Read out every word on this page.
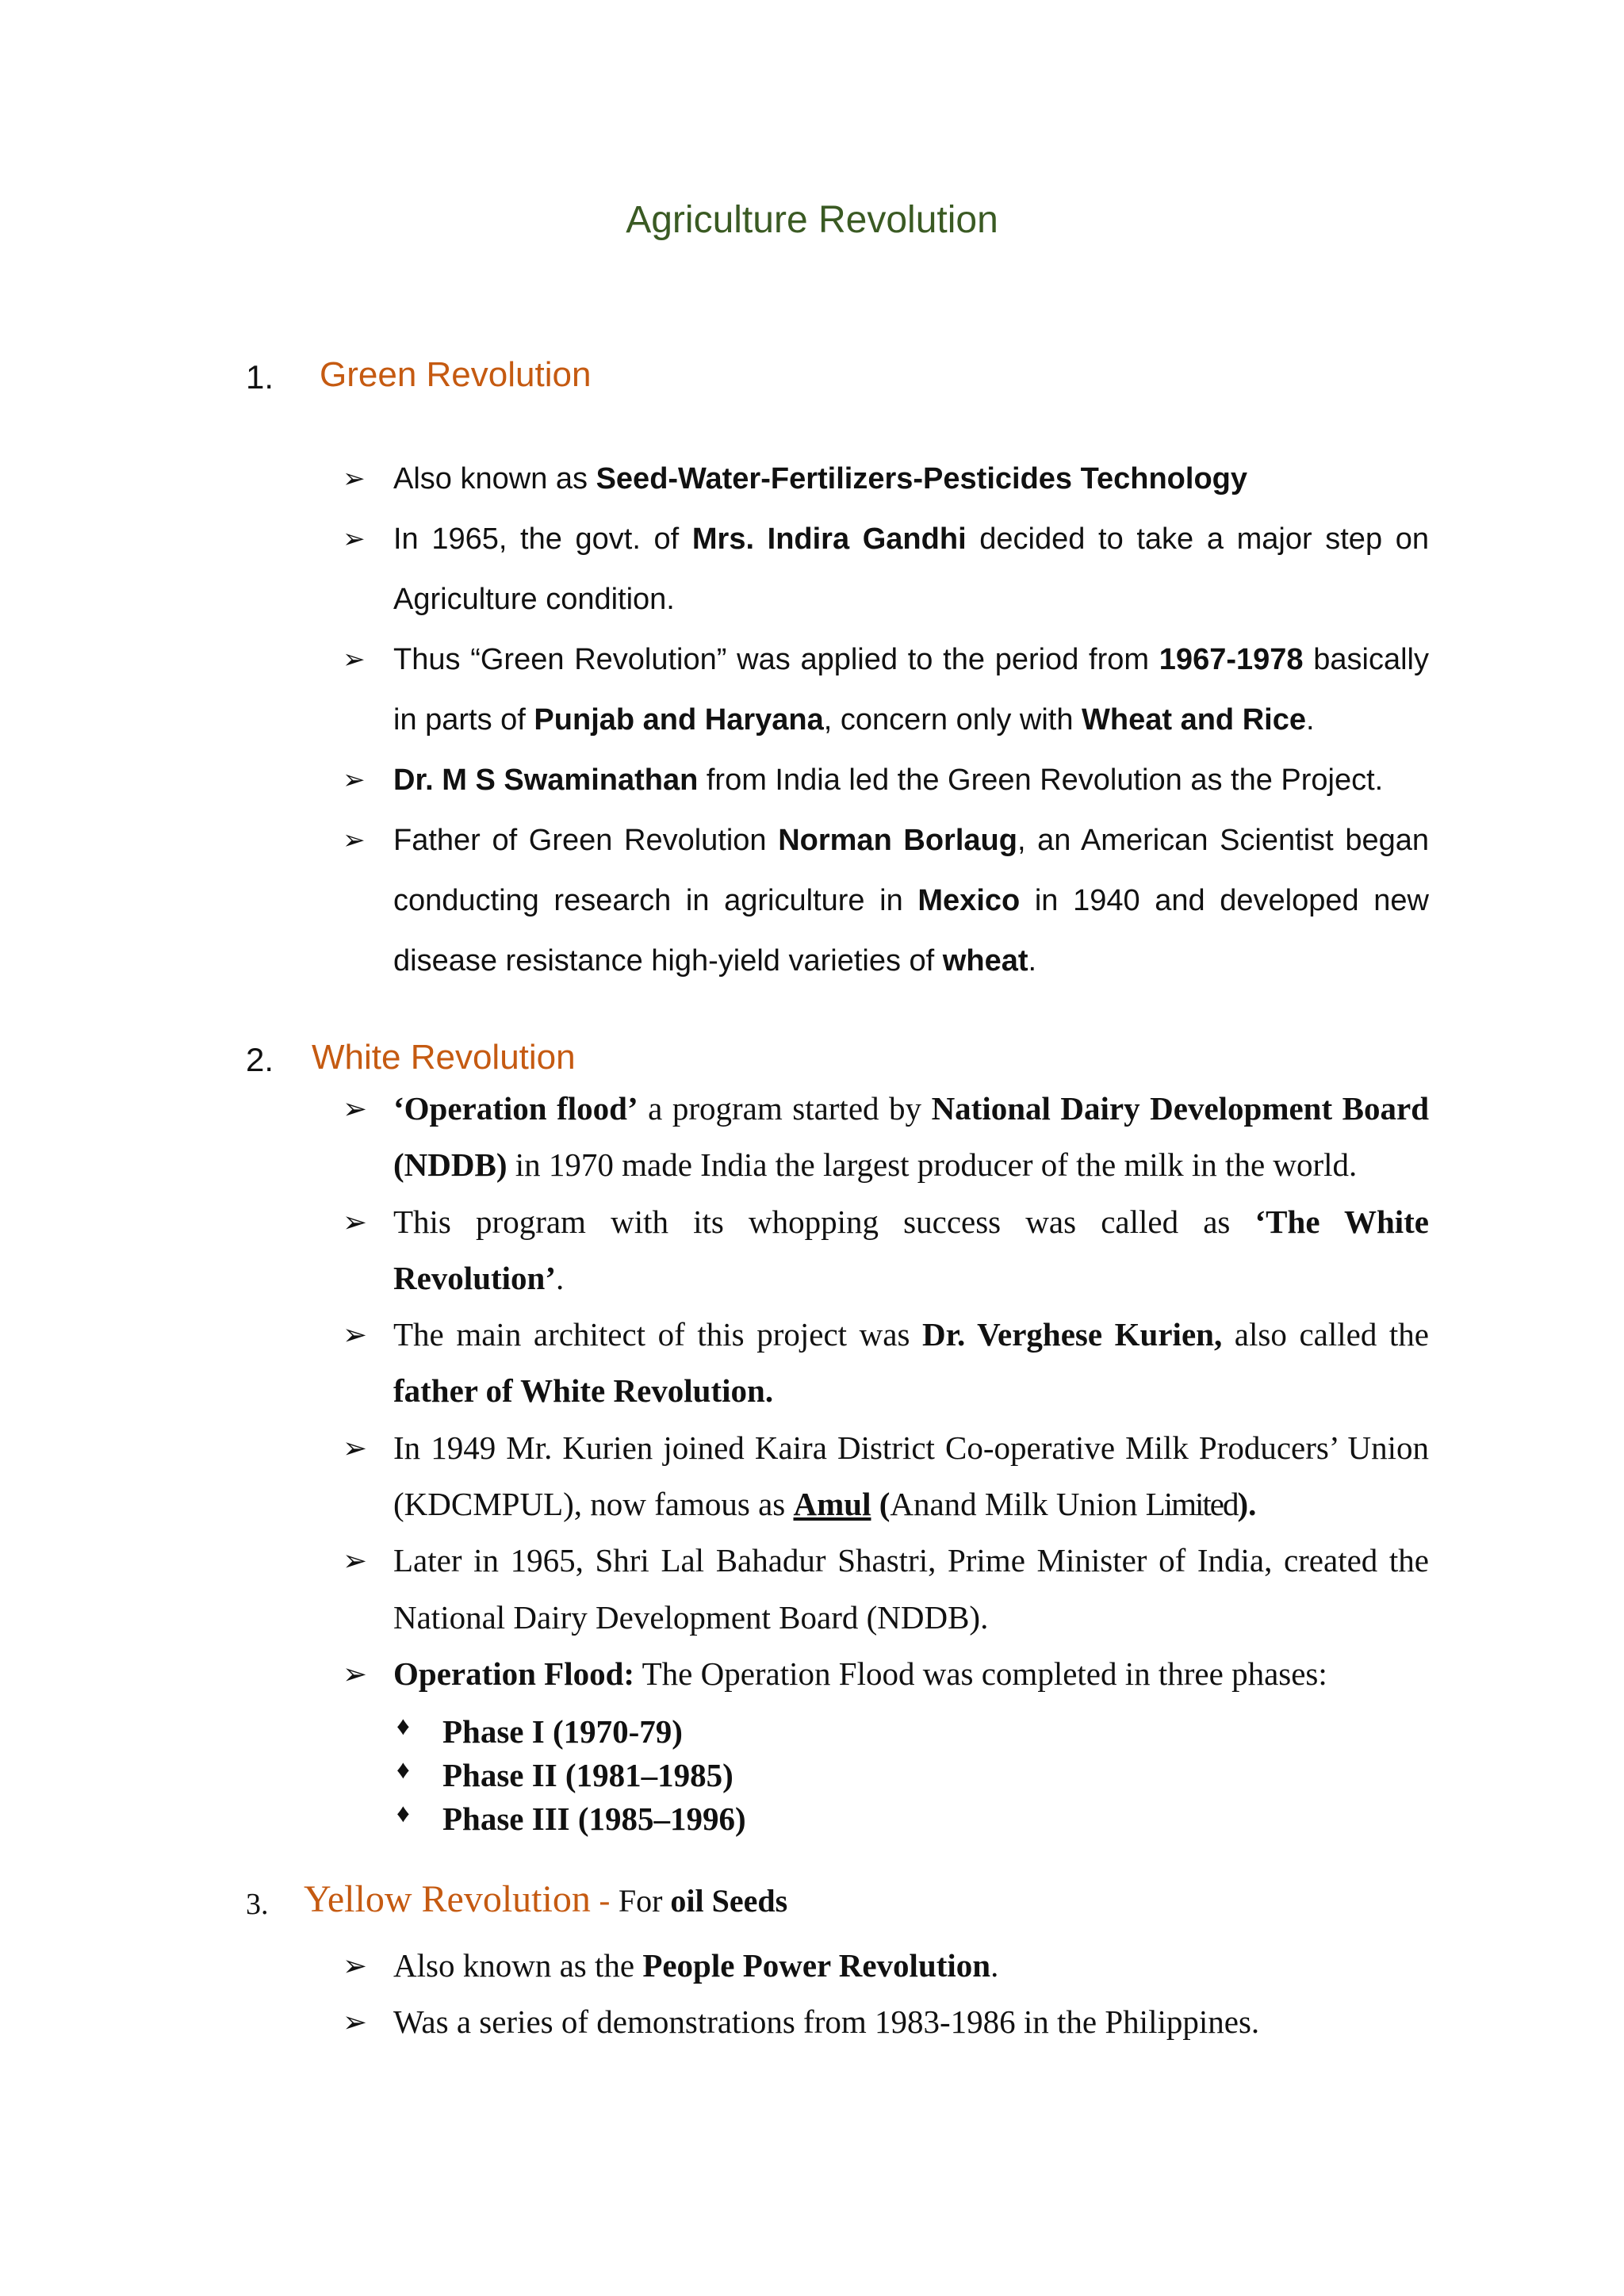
Agriculture Revolution
1. Green Revolution
➢ Also known as Seed-Water-Fertilizers-Pesticides Technology
➢ In 1965, the govt. of Mrs. Indira Gandhi decided to take a major step on Agriculture condition.
➢ Thus “Green Revolution” was applied to the period from 1967-1978 basically in parts of Punjab and Haryana, concern only with Wheat and Rice.
➢ Dr. M S Swaminathan from India led the Green Revolution as the Project.
➢ Father of Green Revolution Norman Borlaug, an American Scientist began conducting research in agriculture in Mexico in 1940 and developed new disease resistance high-yield varieties of wheat.
2. White Revolution
➢ ‘Operation flood’ a program started by National Dairy Development Board (NDDB) in 1970 made India the largest producer of the milk in the world.
➢ This program with its whopping success was called as ‘The White Revolution’.
➢ The main architect of this project was Dr. Verghese Kurien, also called the father of White Revolution.
➢ In 1949 Mr. Kurien joined Kaira District Co-operative Milk Producers’ Union (KDCMPUL), now famous as Amul (Anand Milk Union Limited).
➢ Later in 1965, Shri Lal Bahadur Shastri, Prime Minister of India, created the National Dairy Development Board (NDDB).
➢ Operation Flood: The Operation Flood was completed in three phases:
♦	Phase I (1970-79)
♦	Phase II (1981–1985)
♦	Phase III (1985–1996)
3. Yellow Revolution - For oil Seeds
➢ Also known as the People Power Revolution.
➢ Was a series of demonstrations from 1983-1986 in the Philippines.
